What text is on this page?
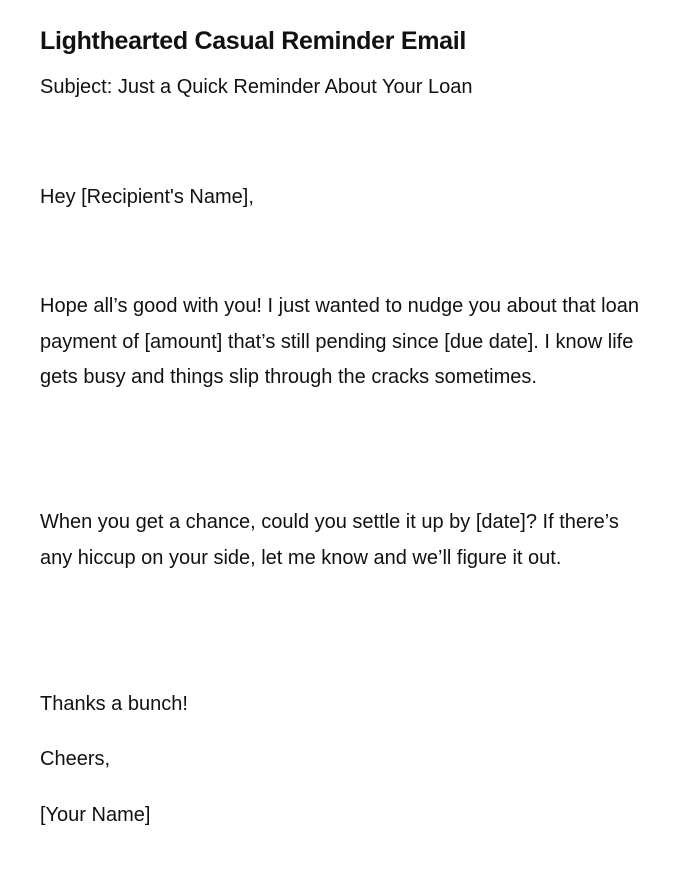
Lighthearted Casual Reminder Email
Subject: Just a Quick Reminder About Your Loan
Hey [Recipient's Name],

Hope all’s good with you! I just wanted to nudge you about that loan payment of [amount] that’s still pending since [due date]. I know life gets busy and things slip through the cracks sometimes.

When you get a chance, could you settle it up by [date]? If there’s any hiccup on your side, let me know and we’ll figure it out.

Thanks a bunch!
Cheers,
[Your Name]
